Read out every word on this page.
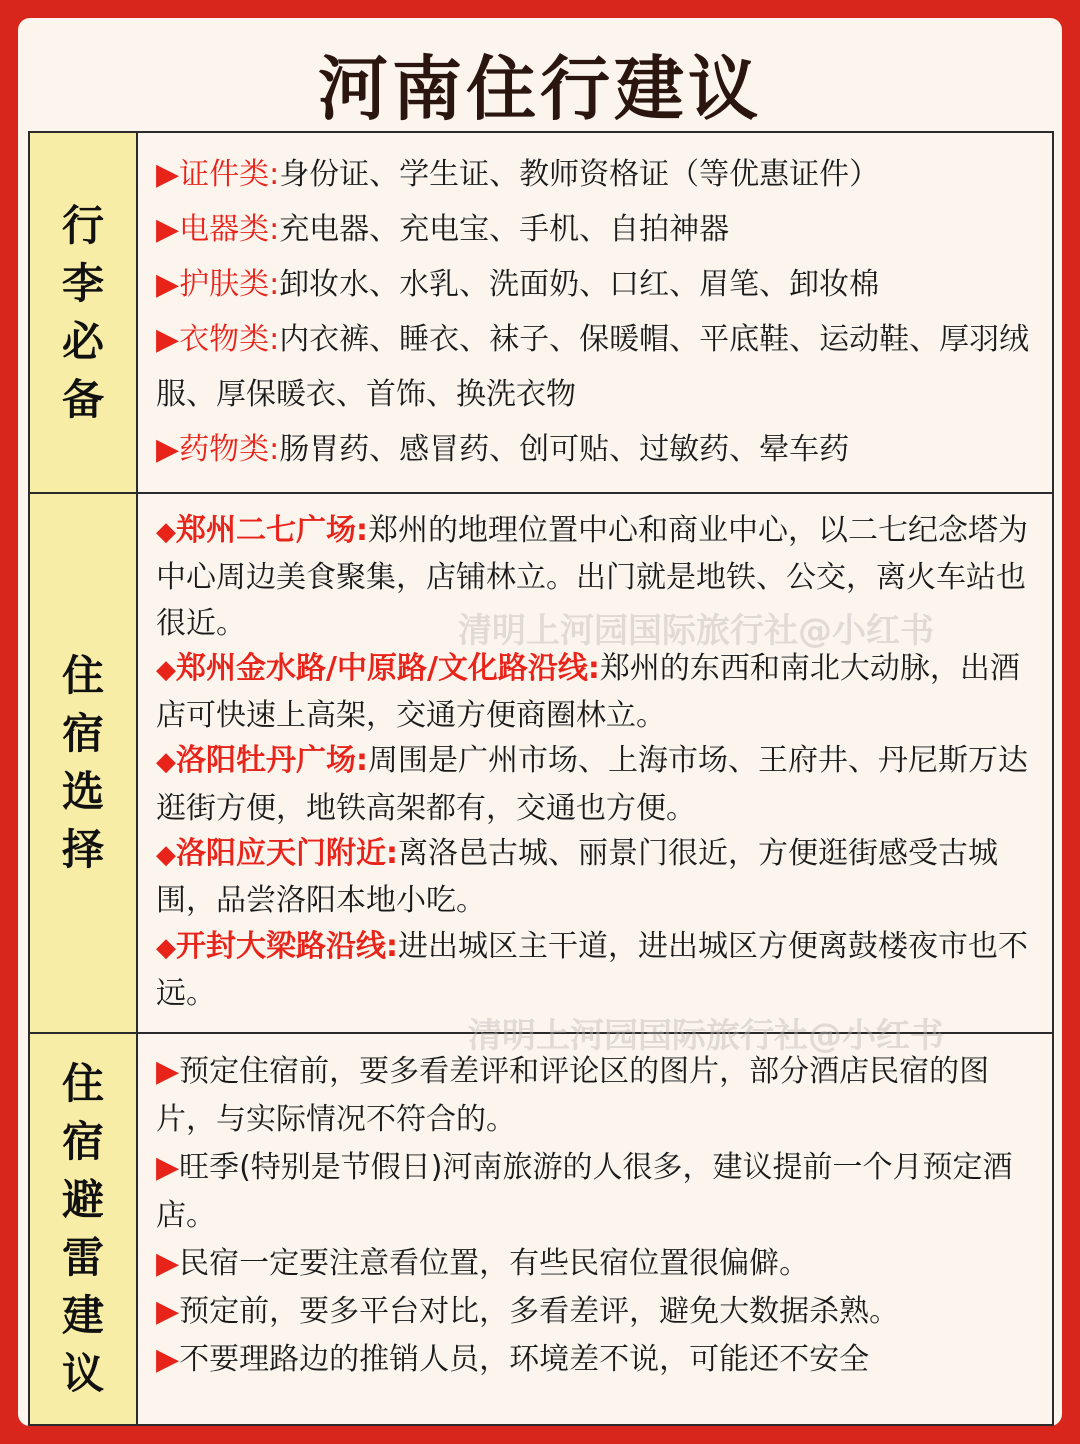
河南住行建议
行李必备	▶证件类:身份证、学生证、教师资格证（等优惠证件）

▶电器类:充电器、充电宝、手机、自拍神器

▶护肤类:卸妆水、水乳、洗面奶、口红、眉笔、卸妆棉

▶衣物类:内衣裤、睡衣、袜子、保暖帽、平底鞋、运动鞋、厚羽绒服、厚保暖衣、首饰、换洗衣物

▶药物类:肠胃药、感冒药、创可贴、过敏药、晕车药

住宿选择	◆郑州二七广场:郑州的地理位置中心和商业中心，以二七纪念塔为中心周边美食聚集，店铺林立。出门就是地铁、公交，离火车站也很近。

◆郑州金水路/中原路/文化路沿线:郑州的东西和南北大动脉，出酒店可快速上高架，交通方便商圈林立。

◆洛阳牡丹广场:周围是广州市场、上海市场、王府井、丹尼斯万达逛街方便，地铁高架都有，交通也方便。

◆洛阳应天门附近:离洛邑古城、丽景门很近，方便逛街感受古城围，品尝洛阳本地小吃。

◆开封大梁路沿线:进出城区主干道，进出城区方便离鼓楼夜市也不远。

住宿避雷建议	▶预定住宿前，要多看差评和评论区的图片，部分酒店民宿的图片，与实际情况不符合的。

▶旺季(特别是节假日)河南旅游的人很多，建议提前一个月预定酒店。

▶民宿一定要注意看位置，有些民宿位置很偏僻。

▶预定前，要多平台对比，多看差评，避免大数据杀熟。

▶不要理路边的推销人员，环境差不说，可能还不安全

清明上河园国际旅行社@小红书
清明上河园国际旅行社@小红书
